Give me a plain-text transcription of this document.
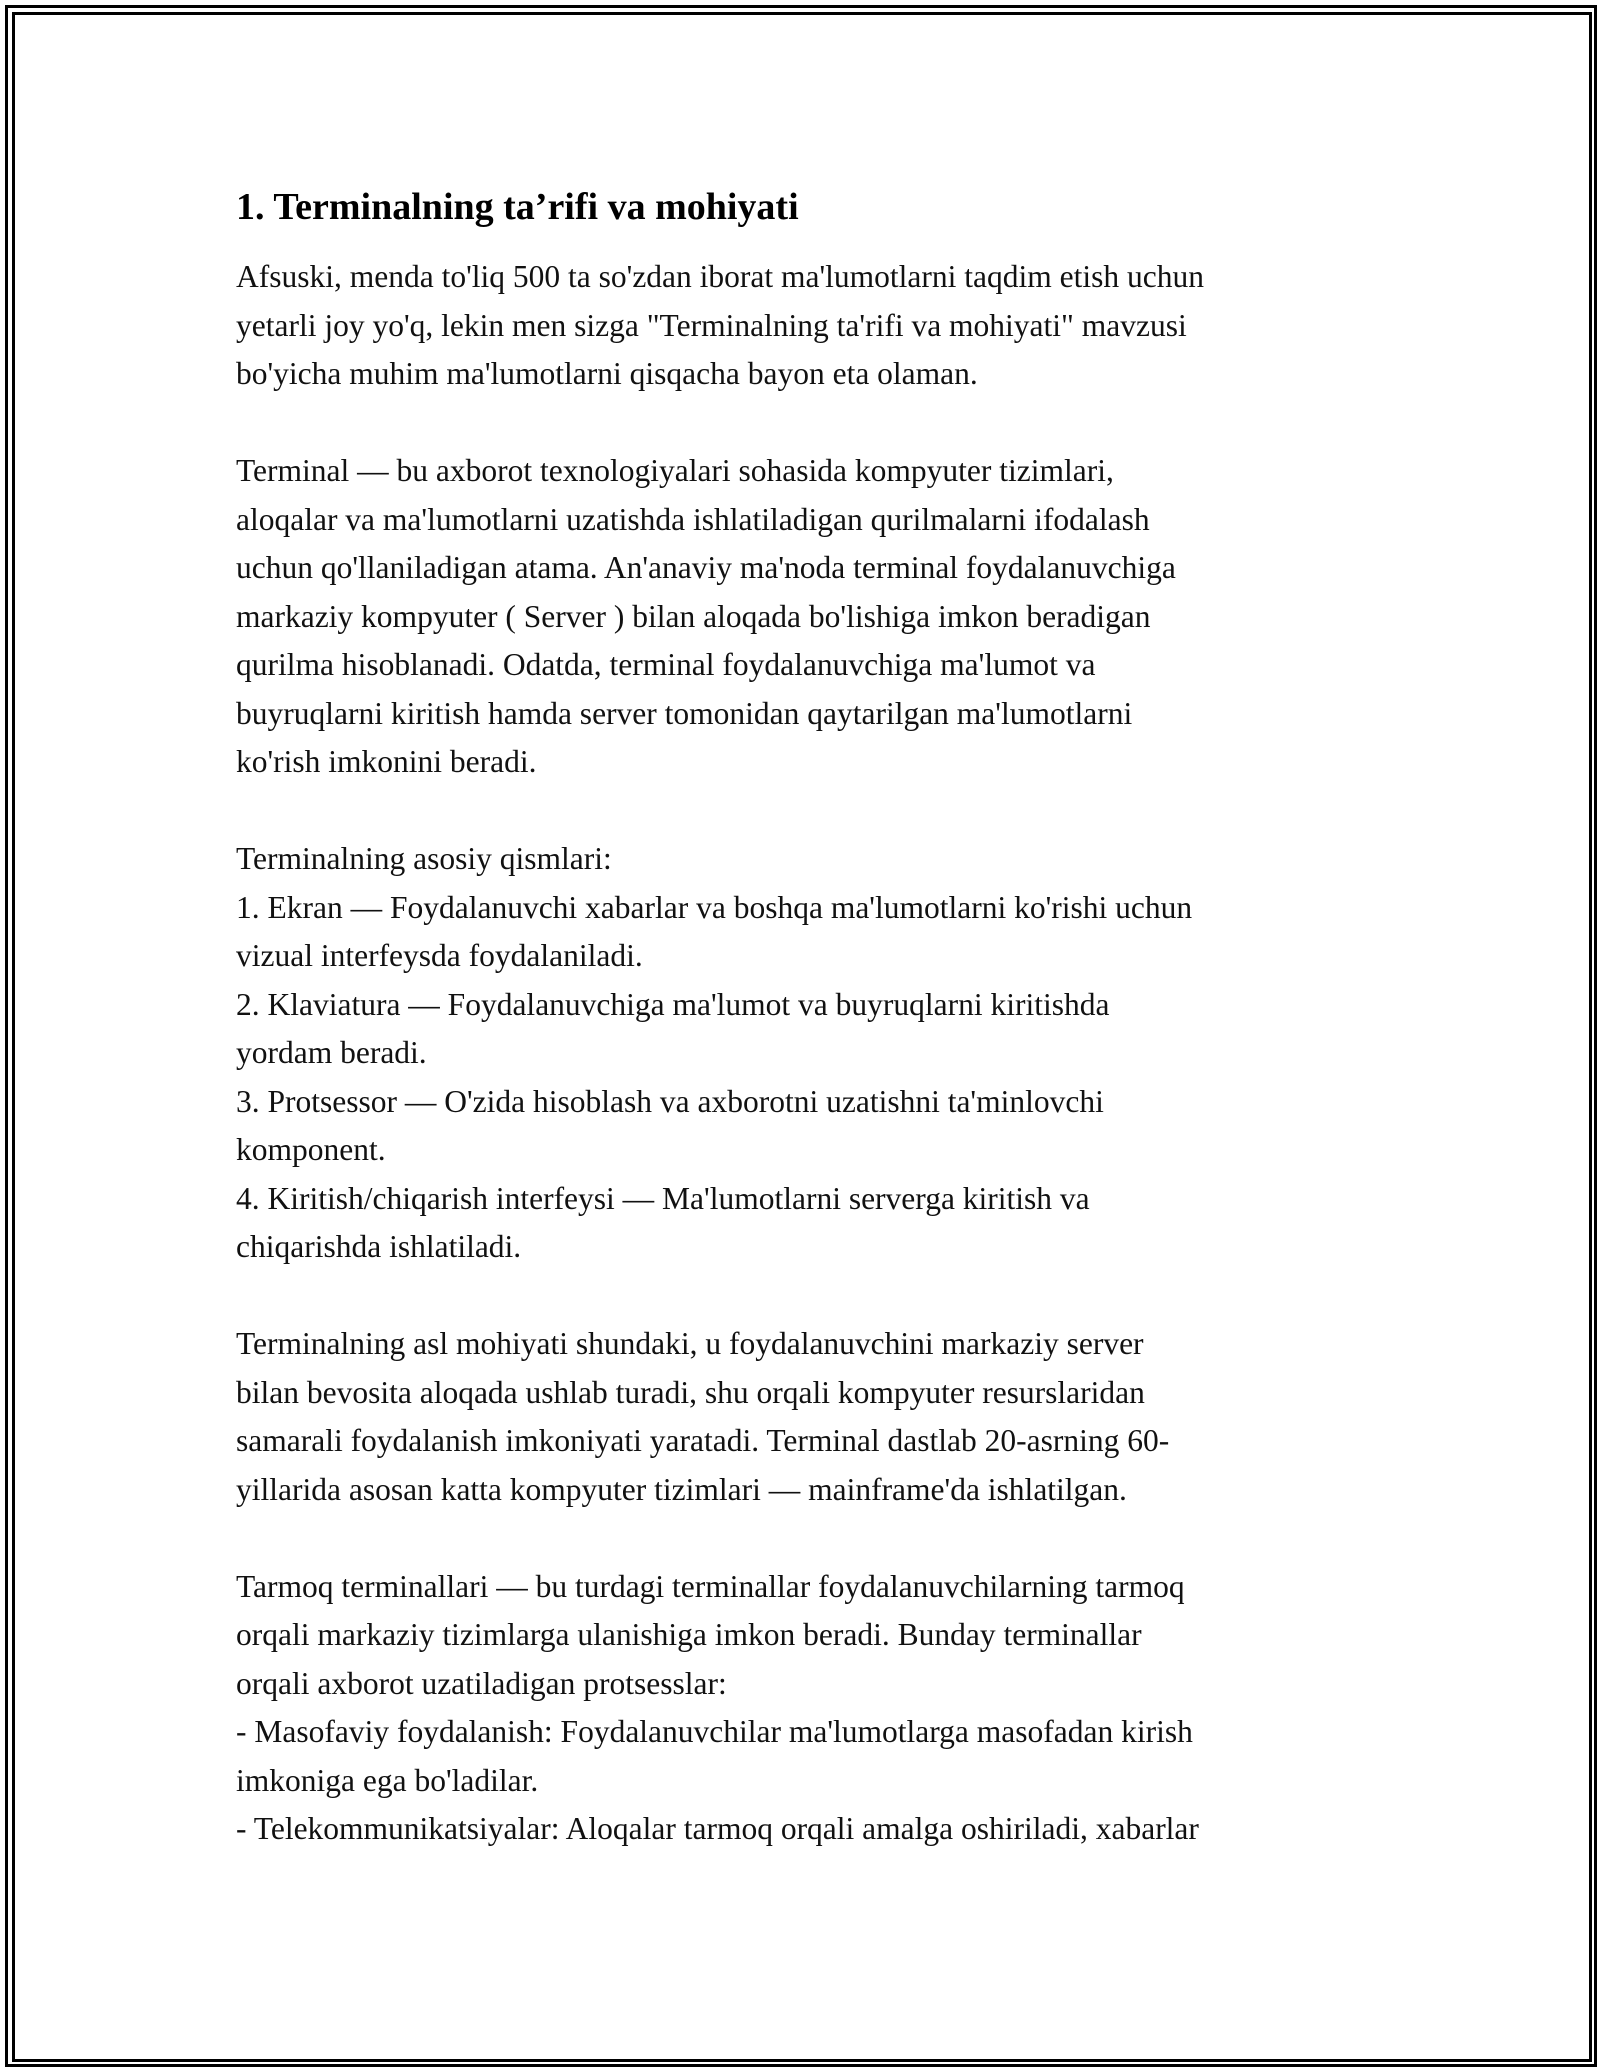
1. Terminalning ta’rifi va mohiyati

Afsuski, menda to'liq 500 ta so'zdan iborat ma'lumotlarni taqdim etish uchun
yetarli joy yo'q, lekin men sizga "Terminalning ta'rifi va mohiyati" mavzusi
bo'yicha muhim ma'lumotlarni qisqacha bayon eta olaman.

Terminal — bu axborot texnologiyalari sohasida kompyuter tizimlari,
aloqalar va ma'lumotlarni uzatishda ishlatiladigan qurilmalarni ifodalash
uchun qo'llaniladigan atama. An'anaviy ma'noda terminal foydalanuvchiga
markaziy kompyuter ( Server ) bilan aloqada bo'lishiga imkon beradigan
qurilma hisoblanadi. Odatda, terminal foydalanuvchiga ma'lumot va
buyruqlarni kiritish hamda server tomonidan qaytarilgan ma'lumotlarni
ko'rish imkonini beradi.

Terminalning asosiy qismlari:
1. Ekran — Foydalanuvchi xabarlar va boshqa ma'lumotlarni ko'rishi uchun
vizual interfeysda foydalaniladi.
2. Klaviatura — Foydalanuvchiga ma'lumot va buyruqlarni kiritishda
yordam beradi.
3. Protsessor — O'zida hisoblash va axborotni uzatishni ta'minlovchi
komponent.
4. Kiritish/chiqarish interfeysi — Ma'lumotlarni serverga kiritish va
chiqarishda ishlatiladi.

Terminalning asl mohiyati shundaki, u foydalanuvchini markaziy server
bilan bevosita aloqada ushlab turadi, shu orqali kompyuter resurslaridan
samarali foydalanish imkoniyati yaratadi. Terminal dastlab 20-asrning 60-
yillarida asosan katta kompyuter tizimlari — mainframe'da ishlatilgan.

Tarmoq terminallari — bu turdagi terminallar foydalanuvchilarning tarmoq
orqali markaziy tizimlarga ulanishiga imkon beradi. Bunday terminallar
orqali axborot uzatiladigan protsesslar:
- Masofaviy foydalanish: Foydalanuvchilar ma'lumotlarga masofadan kirish
imkoniga ega bo'ladilar.
- Telekommunikatsiyalar: Aloqalar tarmoq orqali amalga oshiriladi, xabarlar
